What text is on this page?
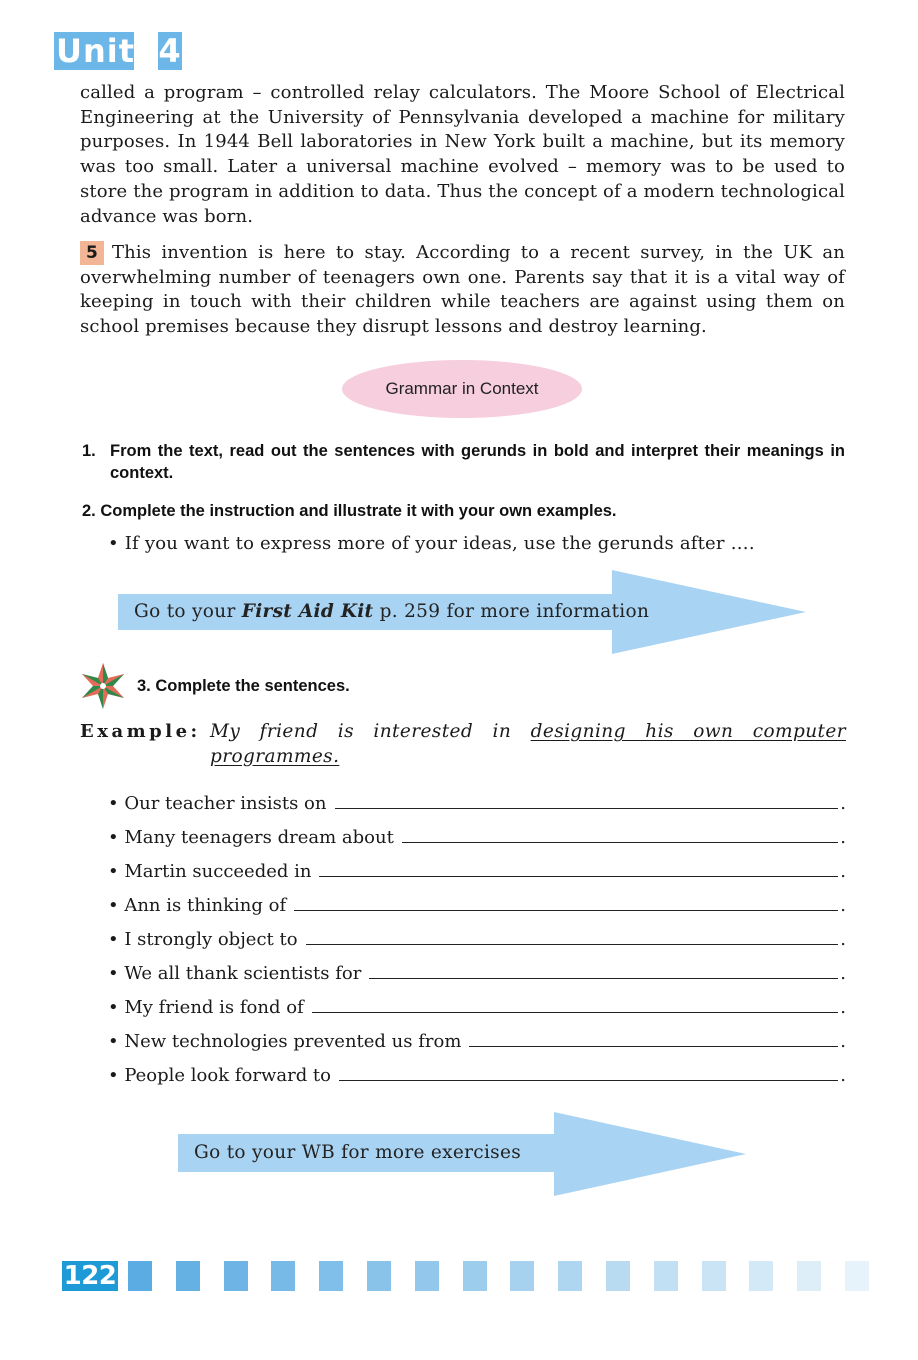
Unit 4
called a program – controlled relay calculators. The Moore School of Electrical Engineering at the University of Pennsylvania developed a machine for military purposes. In 1944 Bell laboratories in New York built a machine, but its memory was too small. Later a universal machine evolved – memory was to be used to store the program in addition to data. Thus the concept of a modern technological advance was born.
5 This invention is here to stay. According to a recent survey, in the UK an overwhelming number of teenagers own one. Parents say that it is a vital way of keeping in touch with their children while teachers are against using them on school premises because they disrupt lessons and destroy learning.
Grammar in Context
1. From the text, read out the sentences with gerunds in bold and interpret their meanings in context.
2. Complete the instruction and illustrate it with your own examples.
• If you want to express more of your ideas, use the gerunds after ….
Go to your First Aid Kit p. 259 for more information
3. Complete the sentences.
Example: My friend is interested in designing his own computer programmes.
• Our teacher insists on	.
• Many teenagers dream about	.
• Martin succeeded in	.
• Ann is thinking of	.
• I strongly object to	.
• We all thank scientists for	.
• My friend is fond of	.
• New technologies prevented us from	.
• People look forward to	.
Go to your WB for more exercises
122
